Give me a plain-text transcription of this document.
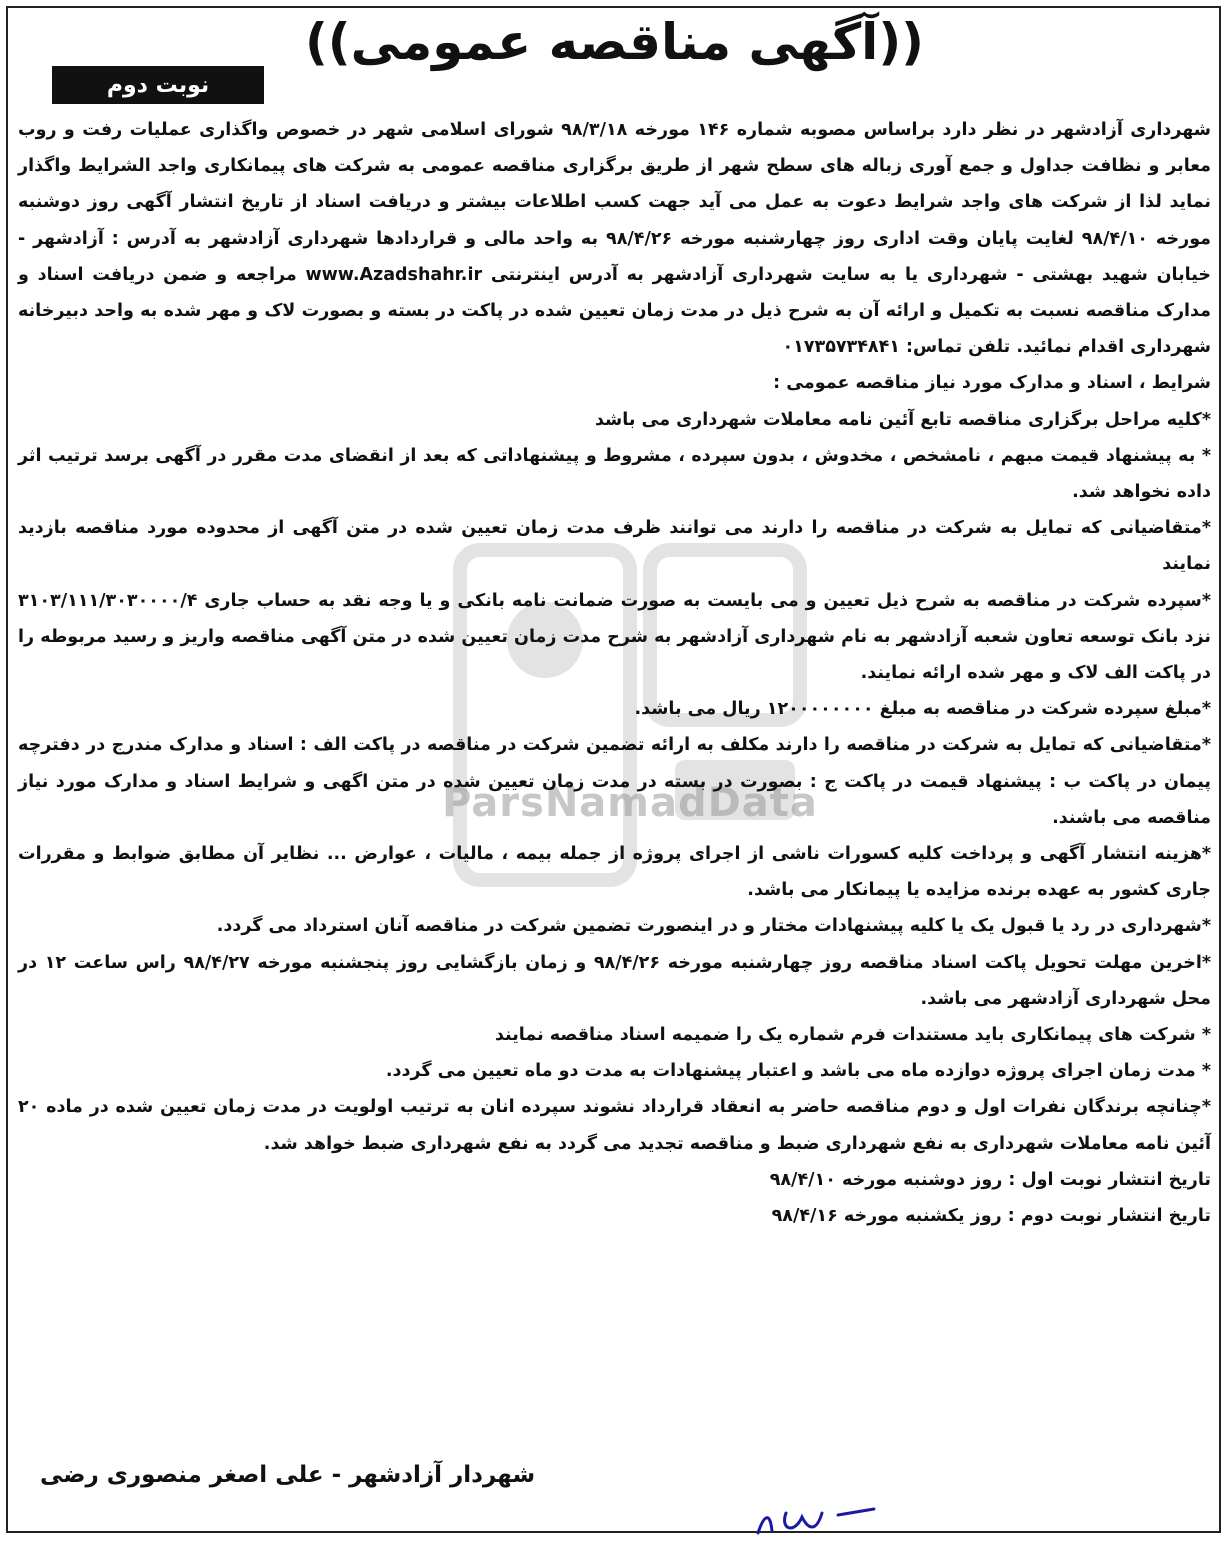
((آگهی مناقصه عمومی))
نوبت دوم
ParsNamadData

شهرداری آزادشهر در نظر دارد براساس مصوبه شماره ۱۴۶ مورخه ۹۸/۳/۱۸ شورای اسلامی شهر در خصوص واگذاری عملیات رفت و روب معابر و نظافت جداول و جمع آوری زباله های سطح شهر از طریق برگزاری مناقصه عمومی به شرکت های پیمانکاری واجد الشرایط واگذار نماید لذا از شرکت های واجد شرایط دعوت به عمل می آید جهت کسب اطلاعات بیشتر و دریافت اسناد از تاریخ انتشار آگهی روز دوشنبه مورخه ۹۸/۴/۱۰ لغایت پایان وقت اداری روز چهارشنبه مورخه ۹۸/۴/۲۶ به واحد مالی و قراردادها شهرداری آزادشهر به آدرس : آزادشهر - خیابان شهید بهشتی - شهرداری یا به سایت شهرداری آزادشهر به آدرس اینترنتی www.Azadshahr.ir مراجعه و ضمن دریافت اسناد و مدارک مناقصه نسبت به تکمیل و ارائه آن به شرح ذیل در مدت زمان تعیین شده در پاکت در بسته و بصورت لاک و مهر شده به واحد دبیرخانه شهرداری اقدام نمائید. تلفن تماس: ۰۱۷۳۵۷۳۴۸۴۱

شرایط ، اسناد و مدارک مورد نیاز مناقصه عمومی :

*کلیه مراحل برگزاری مناقصه تابع آئین نامه معاملات شهرداری می باشد

* به پیشنهاد قیمت مبهم ، نامشخص ، مخدوش ، بدون سپرده ، مشروط و پیشنهاداتی که بعد از انقضای مدت مقرر در آگهی برسد ترتیب اثر داده نخواهد شد.

*متقاضیانی که تمایل به شرکت در مناقصه را دارند می توانند ظرف مدت زمان تعیین شده در متن آگهی از محدوده مورد مناقصه بازدید نمایند

*سپرده شرکت در مناقصه به شرح ذیل تعیین و می بایست به صورت ضمانت نامه بانکی و یا وجه نقد به حساب جاری ۳۱۰۳/۱۱۱/۳۰۳۰۰۰۰/۴ نزد بانک توسعه تعاون شعبه آزادشهر به نام شهرداری آزادشهر به شرح مدت زمان تعیین شده در متن آگهی مناقصه واریز و رسید مربوطه را در پاکت الف لاک و مهر شده ارائه نمایند.

*مبلغ سپرده شرکت در مناقصه به مبلغ ۱۲۰۰۰۰۰۰۰۰ ریال می باشد.

*متقاضیانی که تمایل به شرکت در مناقصه را دارند مکلف به ارائه تضمین شرکت در مناقصه در پاکت الف : اسناد و مدارک مندرج در دفترچه پیمان در پاکت ب : پیشنهاد قیمت در پاکت ج : بصورت در بسته در مدت زمان تعیین شده در متن اگهی و شرایط اسناد و مدارک مورد نیاز مناقصه می باشند.

*هزینه انتشار آگهی و پرداخت کلیه کسورات ناشی از اجرای پروژه از جمله بیمه ، مالیات ، عوارض ... نظایر آن مطابق ضوابط و مقررات جاری کشور به عهده برنده مزایده یا پیمانکار می باشد.

*شهرداری در رد یا قبول یک یا کلیه پیشنهادات مختار و در اینصورت تضمین شرکت در مناقصه آنان استرداد می گردد.

*اخرین مهلت تحویل پاکت اسناد مناقصه روز چهارشنبه مورخه ۹۸/۴/۲۶ و زمان بازگشایی روز پنجشنبه مورخه ۹۸/۴/۲۷ راس ساعت ۱۲ در محل شهرداری آزادشهر می باشد.

* شرکت های پیمانکاری باید مستندات فرم شماره یک را ضمیمه اسناد مناقصه نمایند

* مدت زمان اجرای پروژه دوازده ماه می باشد و اعتبار پیشنهادات به مدت دو ماه تعیین می گردد.

*چنانچه برندگان نفرات اول و دوم مناقصه حاضر به انعقاد قرارداد نشوند سپرده انان به ترتیب اولویت در مدت زمان تعیین شده در ماده ۲۰ آئین نامه معاملات شهرداری به نفع شهرداری ضبط و مناقصه تجدید می گردد به نفع شهرداری ضبط خواهد شد.

تاریخ انتشار نوبت اول : روز دوشنبه مورخه ۹۸/۴/۱۰

تاریخ انتشار نوبت دوم : روز یکشنبه مورخه ۹۸/۴/۱۶

شهردار آزادشهر - علی اصغر منصوری رضی
